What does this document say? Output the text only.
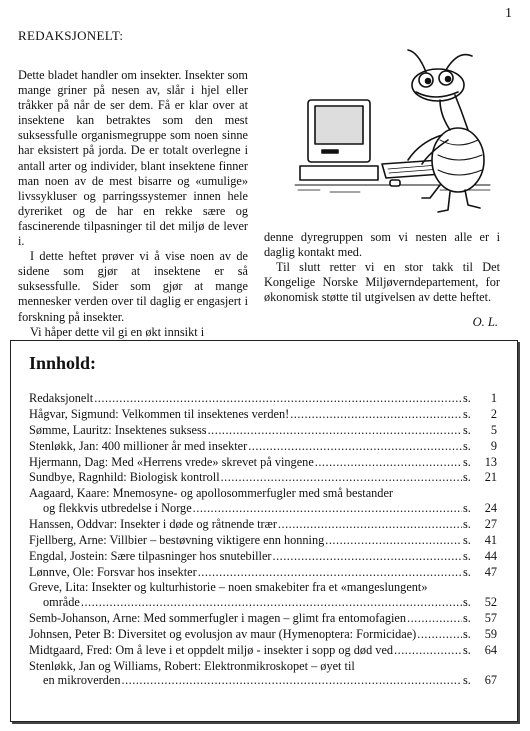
1
REDAKSJONELT:

Dette bladet handler om insekter. Insekter som mange griner på nesen av, slår i hjel eller tråkker på når de ser dem. Få er klar over at insektene kan betraktes som den mest suksessfulle organismegruppe som noen sinne har eksistert på jorda. De er totalt overlegne i antall arter og individer, blant insektene finner man noen av de mest bisarre og «umulige» livssykluser og parringssystemer innen hele dyreriket og de har en rekke sære og fascinerende tilpasninger til det miljø de lever i.

I dette heftet prøver vi å vise noen av de sidene som gjør at insektene er så suksessfulle. Sider som gjør at mange mennesker verden over til daglig er engasjert i forskning på insekter.

Vi håper dette vil gi en økt innsikt i

denne dyregruppen som vi nesten alle er i daglig kontakt med.

Til slutt retter vi en stor takk til Det Kongelige Norske Miljøverndepartement, for økonomisk støtte til utgivelsen av dette heftet.

O. L.
Innhold:
Redaksjonelt .....	s.	1
Hågvar, Sigmund: Velkommen til insektenes verden! .....	s.	2
Sømme, Lauritz: Insektenes suksess .....	s.	5
Stenløkk, Jan: 400 millioner år med insekter .....	s.	9
Hjermann, Dag: Med «Herrens vrede» skrevet på vingene .....	s.	13
Sundbye, Ragnhild: Biologisk kontroll .....	s.	21
Aagaard, Kaare: Mnemosyne- og apollosommerfugler med små bestander
og flekkvis utbredelse i Norge .....	s.	24
Hanssen, Oddvar: Insekter i døde og råtnende trær .....	s.	27
Fjellberg, Arne: Villbier – bestøvning viktigere enn honning .....	s.	41
Engdal, Jostein: Sære tilpasninger hos snutebiller .....	s.	44
Lønnve, Ole: Forsvar hos insekter .....	s.	47
Greve, Lita: Insekter og kulturhistorie – noen smakebiter fra et «mangeslungent»
område .....	s.	52
Semb-Johanson, Arne: Med sommerfugler i magen – glimt fra entomofagien .....	s.	57
Johnsen, Peter B: Diversitet og evolusjon av maur (Hymenoptera: Formicidae) .....	s.	59
Midtgaard, Fred: Om å leve i et oppdelt miljø - insekter i sopp og død ved .....	s.	64
Stenløkk, Jan og Williams, Robert: Elektronmikroskopet – øyet til
en mikroverden .....	s.	67
